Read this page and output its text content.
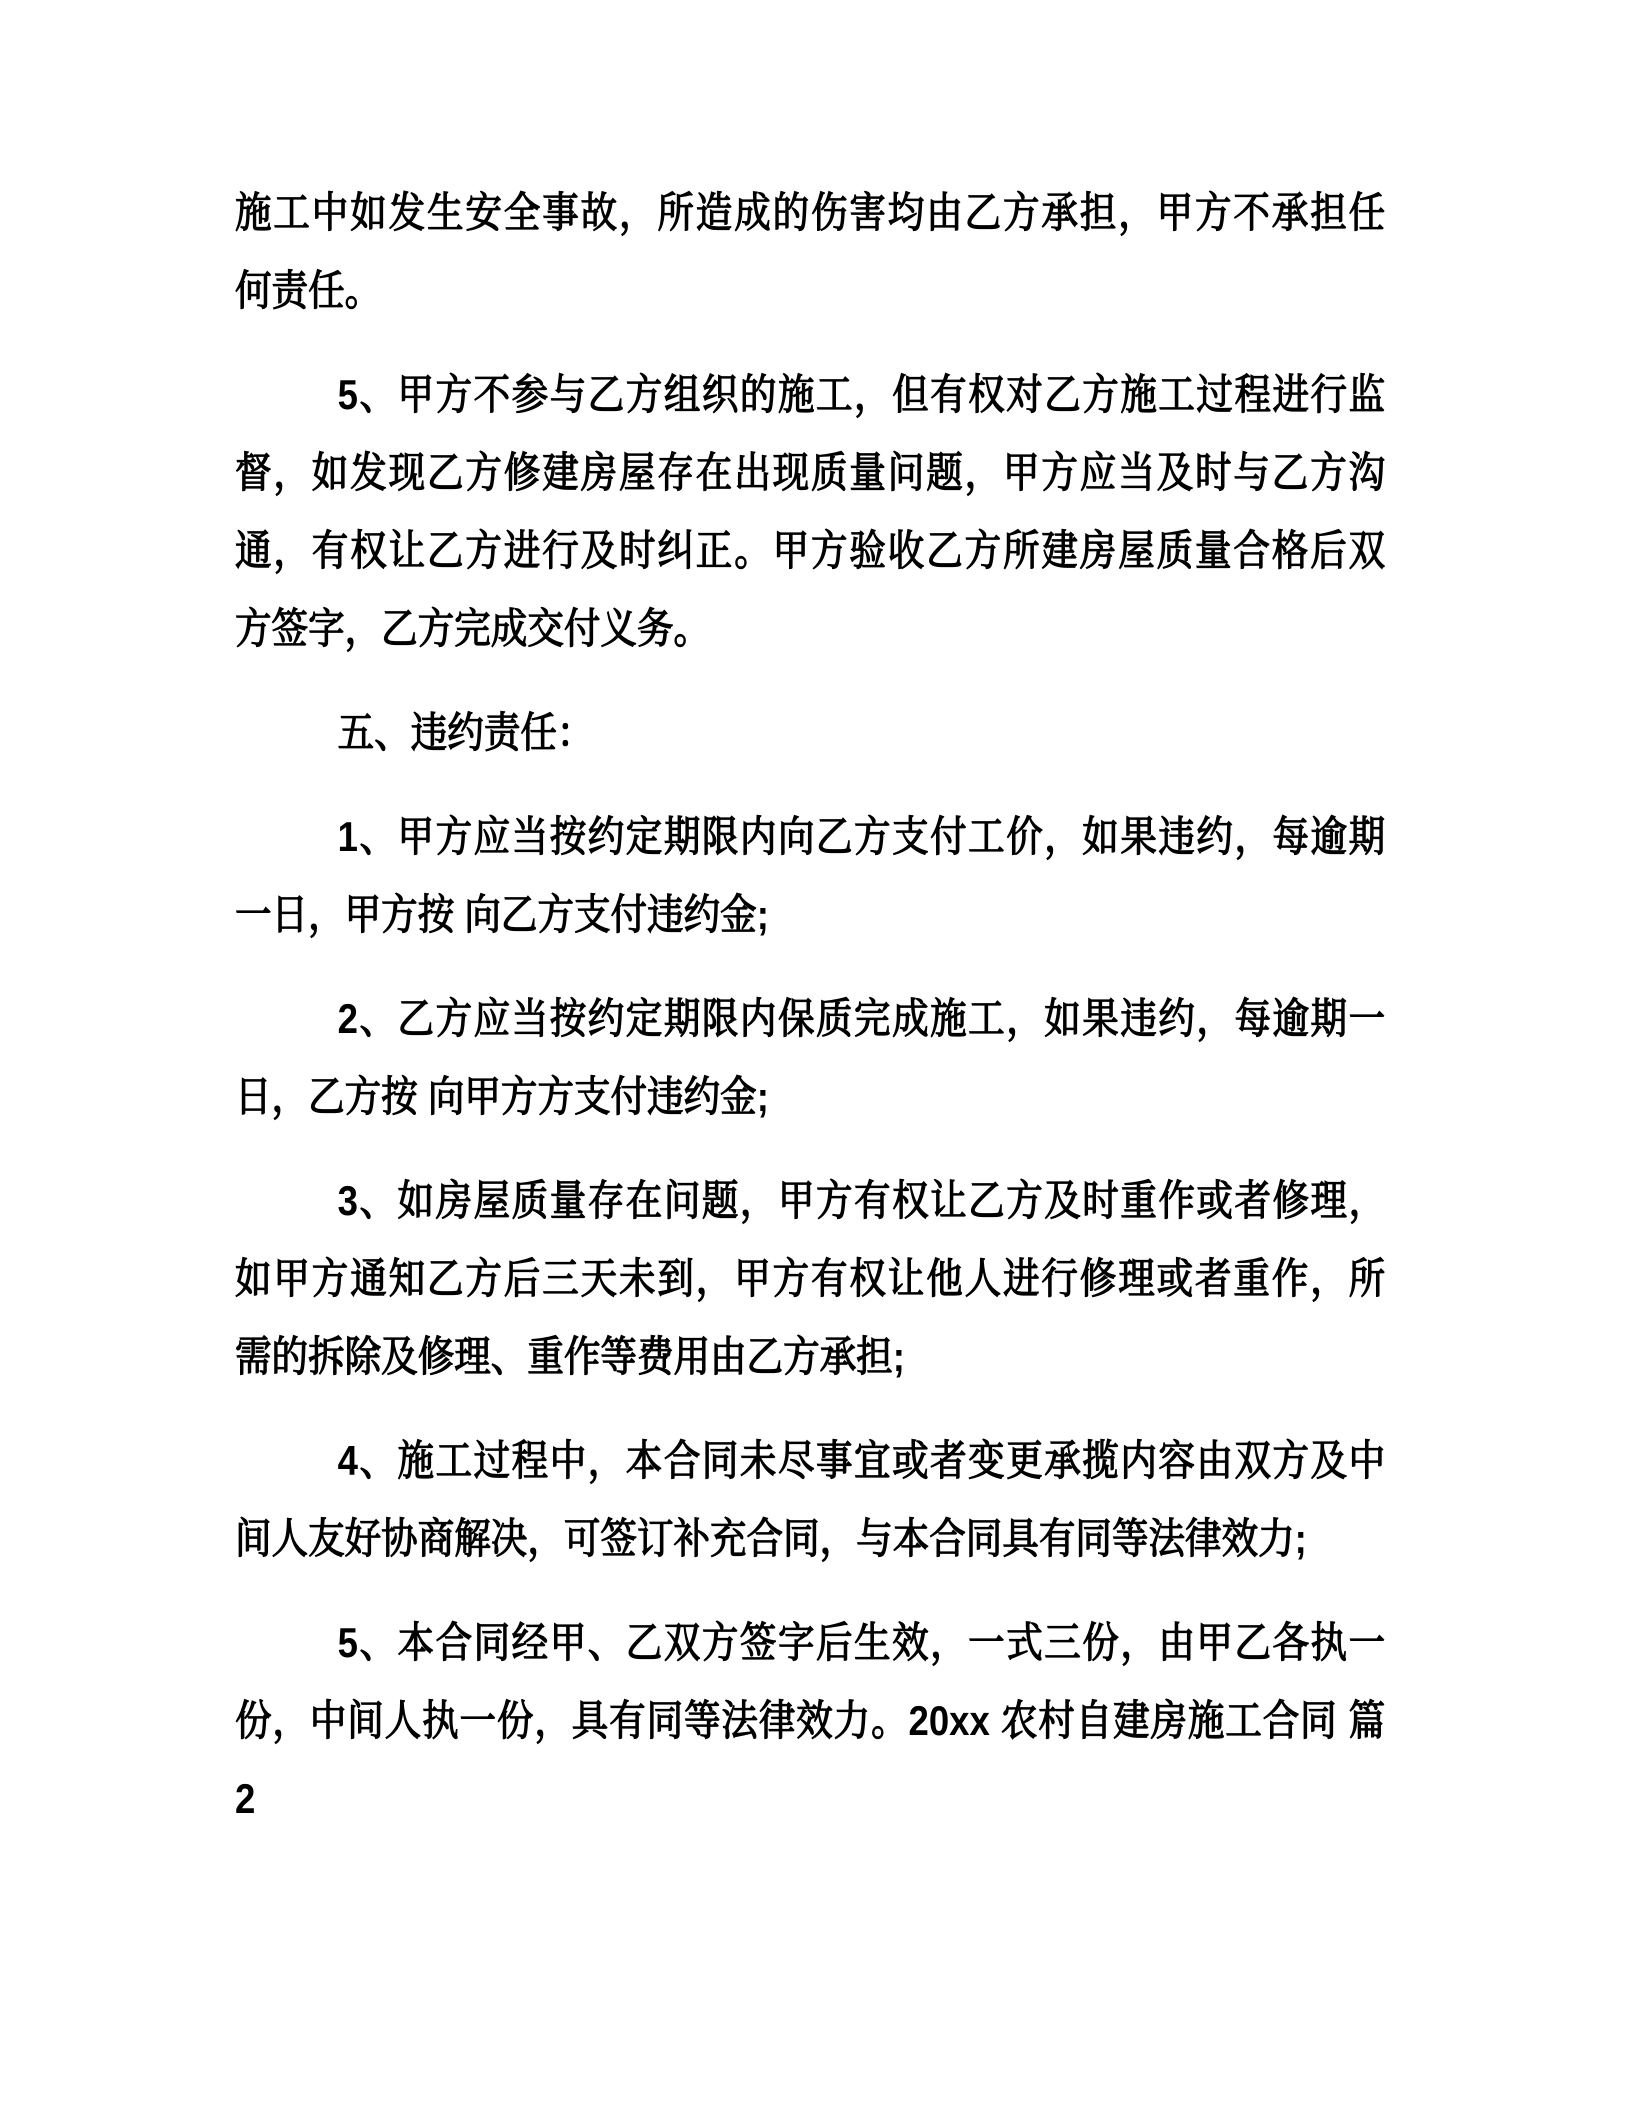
施工中如发生安全事故，所造成的伤害均由乙方承担，甲方不承担任
何责任。
5、甲方不参与乙方组织的施工，但有权对乙方施工过程进行监
督，如发现乙方修建房屋存在出现质量问题，甲方应当及时与乙方沟
通，有权让乙方进行及时纠正。甲方验收乙方所建房屋质量合格后双
方签字，乙方完成交付义务。
五、违约责任：
1、甲方应当按约定期限内向乙方支付工价，如果违约，每逾期
一日，甲方按 向乙方支付违约金;
2、乙方应当按约定期限内保质完成施工，如果违约，每逾期一
日，乙方按 向甲方方支付违约金;
3、如房屋质量存在问题，甲方有权让乙方及时重作或者修理，
如甲方通知乙方后三天未到，甲方有权让他人进行修理或者重作，所
需的拆除及修理、重作等费用由乙方承担;
4、施工过程中，本合同未尽事宜或者变更承揽内容由双方及中
间人友好协商解决，可签订补充合同，与本合同具有同等法律效力;
5、本合同经甲、乙双方签字后生效，一式三份，由甲乙各执一
份，中间人执一份，具有同等法律效力。20xx 农村自建房施工合同 篇
2
